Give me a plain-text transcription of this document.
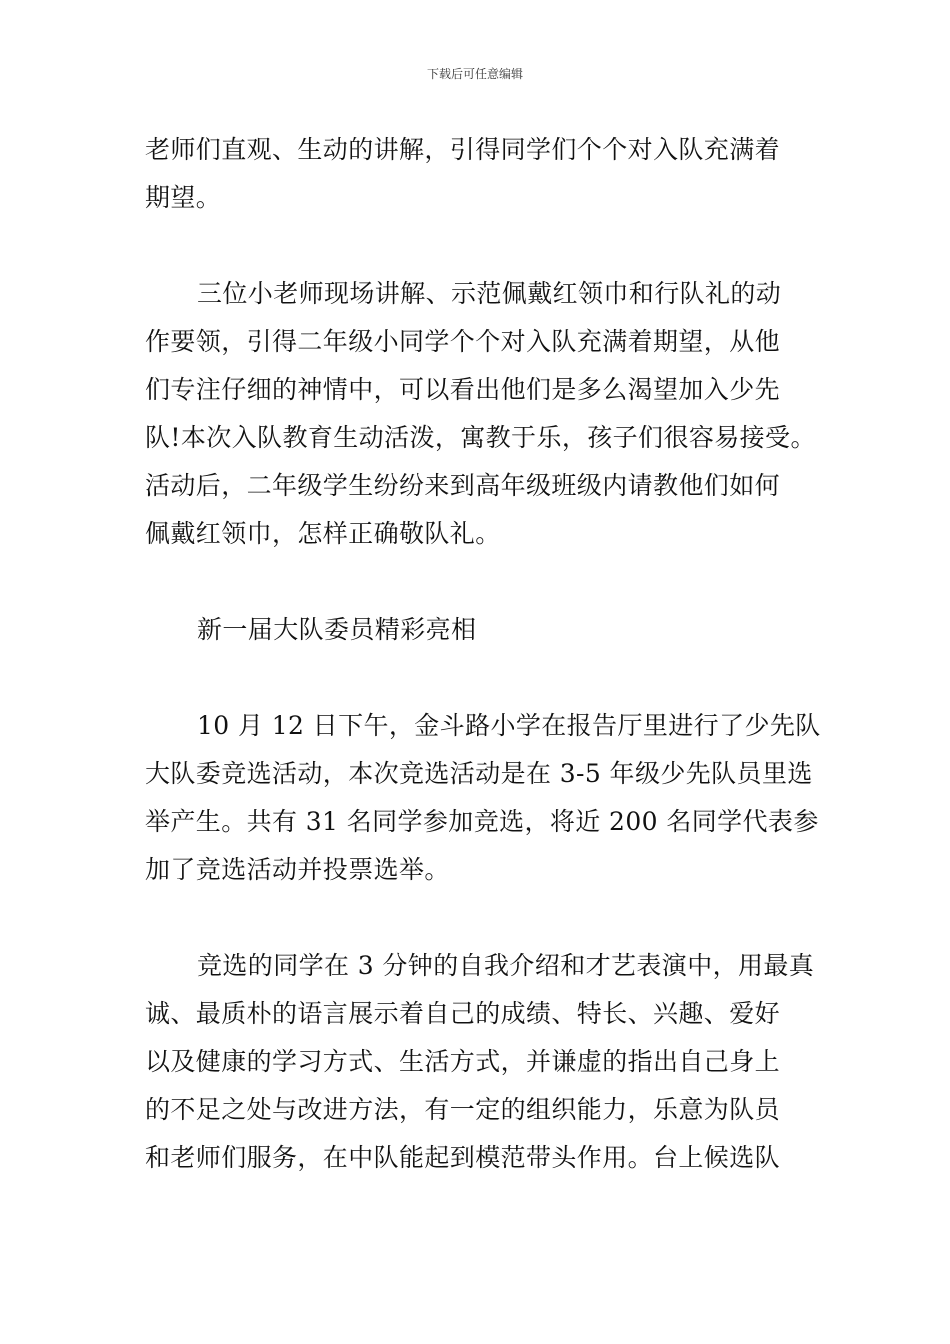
下载后可任意编辑
老师们直观、生动的讲解，引得同学们个个对入队充满着
期望。
三位小老师现场讲解、示范佩戴红领巾和行队礼的动
作要领，引得二年级小同学个个对入队充满着期望，从他
们专注仔细的神情中，可以看出他们是多么渴望加入少先
队!本次入队教育生动活泼，寓教于乐，孩子们很容易接受。
活动后，二年级学生纷纷来到高年级班级内请教他们如何
佩戴红领巾，怎样正确敬队礼。
新一届大队委员精彩亮相
10 月 12 日下午，金斗路小学在报告厅里进行了少先队
大队委竞选活动，本次竞选活动是在 3-5 年级少先队员里选
举产生。共有 31 名同学参加竞选，将近 200 名同学代表参
加了竞选活动并投票选举。
竞选的同学在 3 分钟的自我介绍和才艺表演中，用最真
诚、最质朴的语言展示着自己的成绩、特长、兴趣、爱好
以及健康的学习方式、生活方式，并谦虚的指出自己身上
的不足之处与改进方法，有一定的组织能力，乐意为队员
和老师们服务，在中队能起到模范带头作用。台上候选队
